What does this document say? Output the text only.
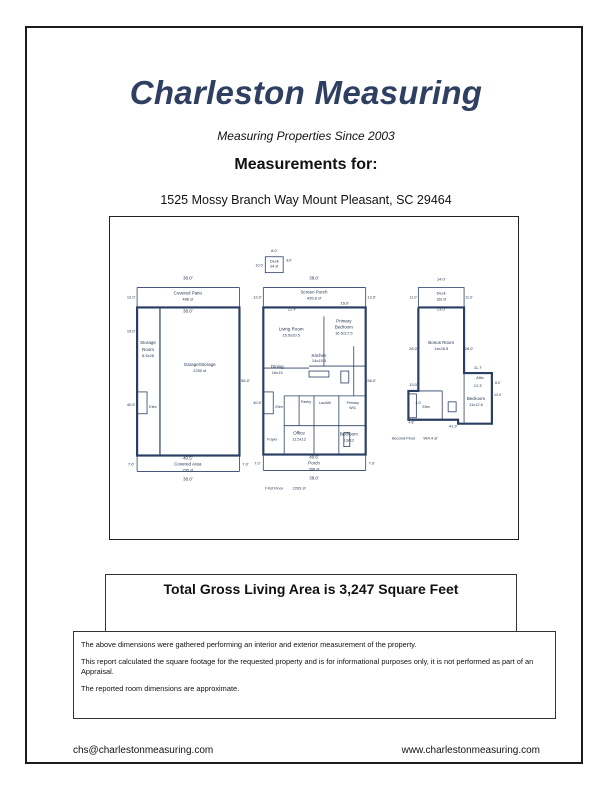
Charleston Measuring
Measuring Properties Since 2003
Measurements for:
1525 Mossy Branch Way Mount Pleasant, SC 29464
38.0'
Covered Patio
488 sf
38.0'
Storage
Room
8.5x26
Garage/Storage
2250 sf
Elev
40.5'
Covered Area
295 sf
38.0'
12.0'
15.0'
40.5'
56.0'
7.0'	7.0'
8.0'
Deck
64 sf
8.0'
10.0'
38.0'
Screen Porch
435.8 sf
22.4'
15.0'
Living Room
15.5x20.5
Primary
Bedroom
16.5x17.5
Kitchen
14x15.5
Dining
16x13
Elev
Pantry Lau/Util	Primary
WIC
Office
11.5x12
Bedroom
13x12
Foyer
40.5'
Porch
288 sf
38.0'
First Floor 2263 sf
12.0'
40.5'
12.0'
56.0'
7.0'	7.0'
14.0'
Deck
163 sf
11.0'	11.0'
23.0'
Bonus Room
14x26.5
28.0'	28.0'
11.7'
Attic
12.3'
13.0'
Elev
Bedroom
11x12.5
8.0'
13.0'
4.8'
4.0'
41.3'
Second Floor 984.4 sf
Total Gross Living Area is 3,247 Square Feet

The above dimensions were gathered performing an interior and exterior measurement of the property.

This report calculated the square footage for the requested property and is for informational purposes only, it is not performed as part of an Appraisal.

The reported room dimensions are approximate.

chs@charlestonmeasuring.com	www.charlestonmeasuring.com
